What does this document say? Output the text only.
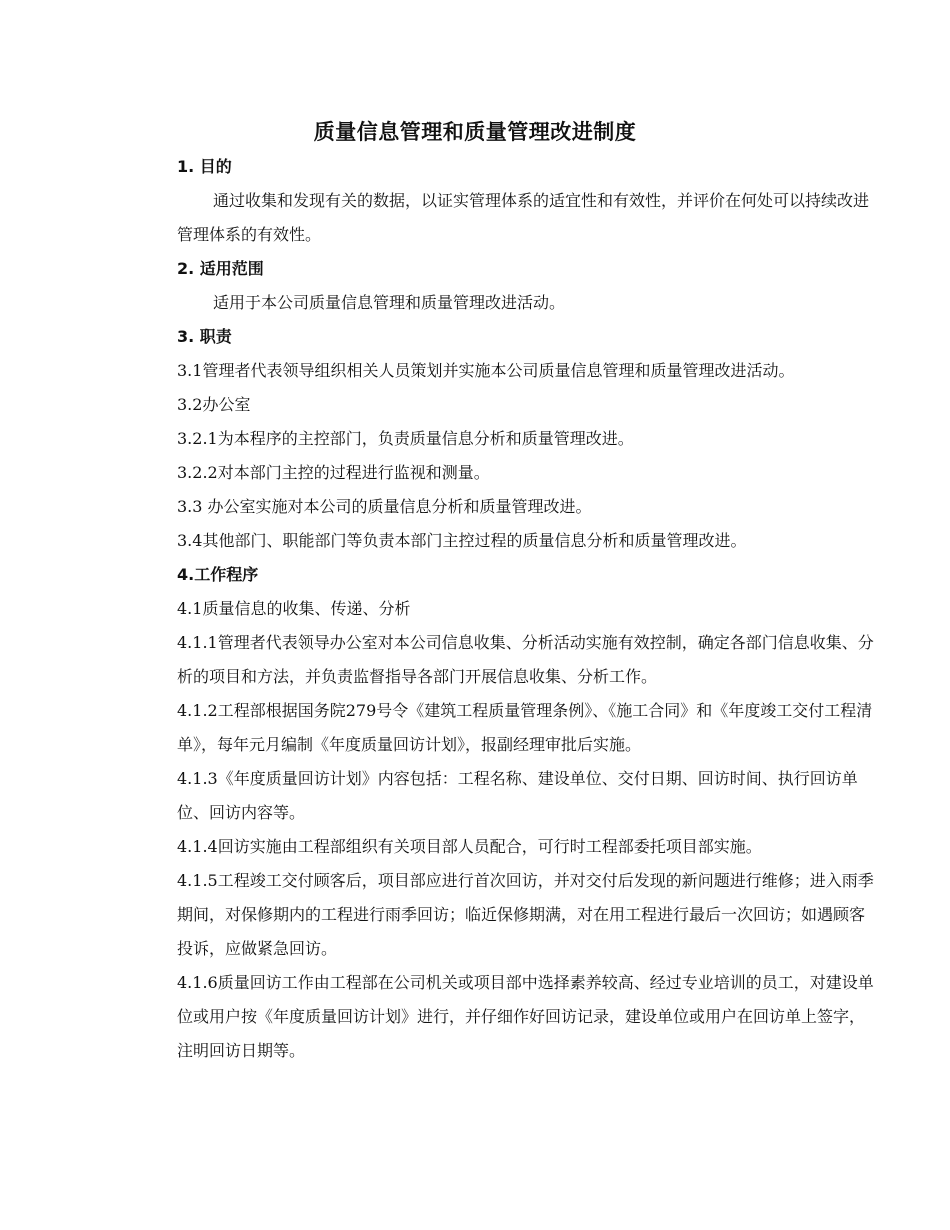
质量信息管理和质量管理改进制度

1. 目的

通过收集和发现有关的数据，以证实管理体系的适宜性和有效性，并评价在何处可以持续改进管理体系的有效性。

2. 适用范围

适用于本公司质量信息管理和质量管理改进活动。

3. 职责

3.1管理者代表领导组织相关人员策划并实施本公司质量信息管理和质量管理改进活动。

3.2办公室

3.2.1为本程序的主控部门，负责质量信息分析和质量管理改进。

3.2.2对本部门主控的过程进行监视和测量。

3.3 办公室实施对本公司的质量信息分析和质量管理改进。

3.4其他部门、职能部门等负责本部门主控过程的质量信息分析和质量管理改进。

4.工作程序

4.1质量信息的收集、传递、分析

4.1.1管理者代表领导办公室对本公司信息收集、分析活动实施有效控制，确定各部门信息收集、分析的项目和方法，并负责监督指导各部门开展信息收集、分析工作。

4.1.2工程部根据国务院279号令《建筑工程质量管理条例》、《施工合同》和《年度竣工交付工程清单》，每年元月编制《年度质量回访计划》，报副经理审批后实施。

4.1.3《年度质量回访计划》内容包括：工程名称、建设单位、交付日期、回访时间、执行回访单位、回访内容等。

4.1.4回访实施由工程部组织有关项目部人员配合，可行时工程部委托项目部实施。

4.1.5工程竣工交付顾客后，项目部应进行首次回访，并对交付后发现的新问题进行维修；进入雨季期间，对保修期内的工程进行雨季回访；临近保修期满，对在用工程进行最后一次回访；如遇顾客投诉，应做紧急回访。

4.1.6质量回访工作由工程部在公司机关或项目部中选择素养较高、经过专业培训的员工，对建设单位或用户按《年度质量回访计划》进行，并仔细作好回访记录，建设单位或用户在回访单上签字，注明回访日期等。
